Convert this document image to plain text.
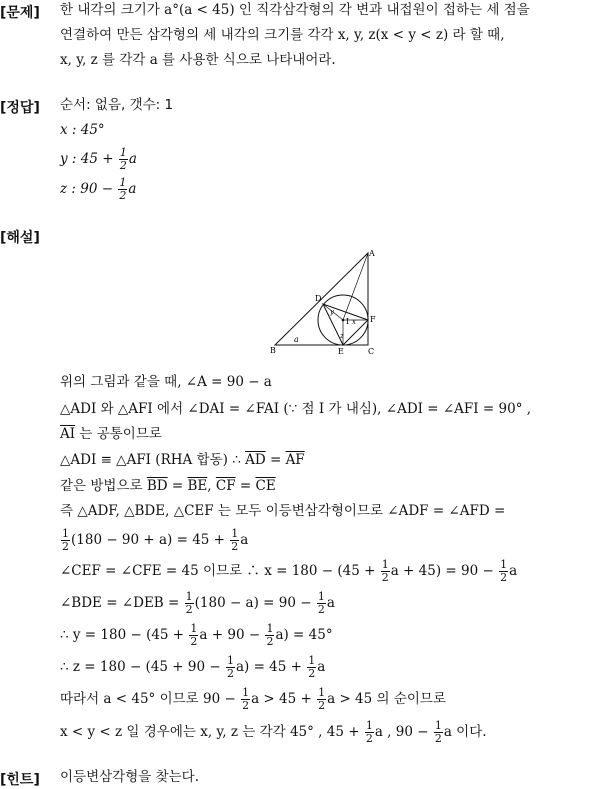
[문제] 한 내각의 크기가 a°(a < 45) 인 직각삼각형의 각 변과 내접원이 접하는 세 점을
연결하여 만든 삼각형의 세 내각의 크기를 각각 x, y, z(x < y < z) 라 할 때,
x, y, z 를 각각 a 를 사용한 식으로 나타내어라.
[정답] 순서: 없음, 갯수: 1
x : 45°
y : $45 + \frac{1}{2}$ a
z : $90 - \frac{1}{2}$ a
[해설]
A
B	C
D
E
F
I
a
x
y
z
위의 그림과 같을 때, ∠A = 90 − a
△ADI 와 △AFI 에서 ∠DAI = ∠FAI (∵ 점 I 가 내심), ∠ADI = ∠AFI = 90° ,
$\overline{AI}$ 는 공통이므로
△ADI ≡ △AFI (RHA 합동) ∴ $\overline{AD} = \overline{AF}$
같은 방법으로 $\overline{BD} = \overline{BE}$, $\overline{CF} = \overline{CE}$
즉 △ADF, △BDE, △CEF 는 모두 이등변삼각형이므로 ∠ADF = ∠AFD =
$\frac{1}{2} (180 - 90 + a) = 45 + \frac{1}{2}$ a
∠CEF = ∠CFE = 45 이므로 ∴ $x = 180 - (45 + \frac{1}{2}$ $a + 45) = 90 - \frac{1}{2}$ a
∠BDE = ∠DEB = $\frac{1}{2} (180 - a) = 90 - \frac{1}{2}$ a
∴ $y = 180 - (45 + \frac{1}{2}$ $a + 90 - \frac{1}{2} a) = 45^\circ$
∴ $z = 180 - (45 + 90 - \frac{1}{2} a) = 45 + \frac{1}{2}$ a
따라서 a < 45° 이므로 $90 - \frac{1}{2}$ $a > 45 + \frac{1}{2}$ a > 45 의 순이므로
x < y < z 일 경우에는 x, y, z 는 각각 45° , $45 + \frac{1}{2}$ a , $90 - \frac{1}{2}$ a 이다.
[힌트] 이등변삼각형을 찾는다.
